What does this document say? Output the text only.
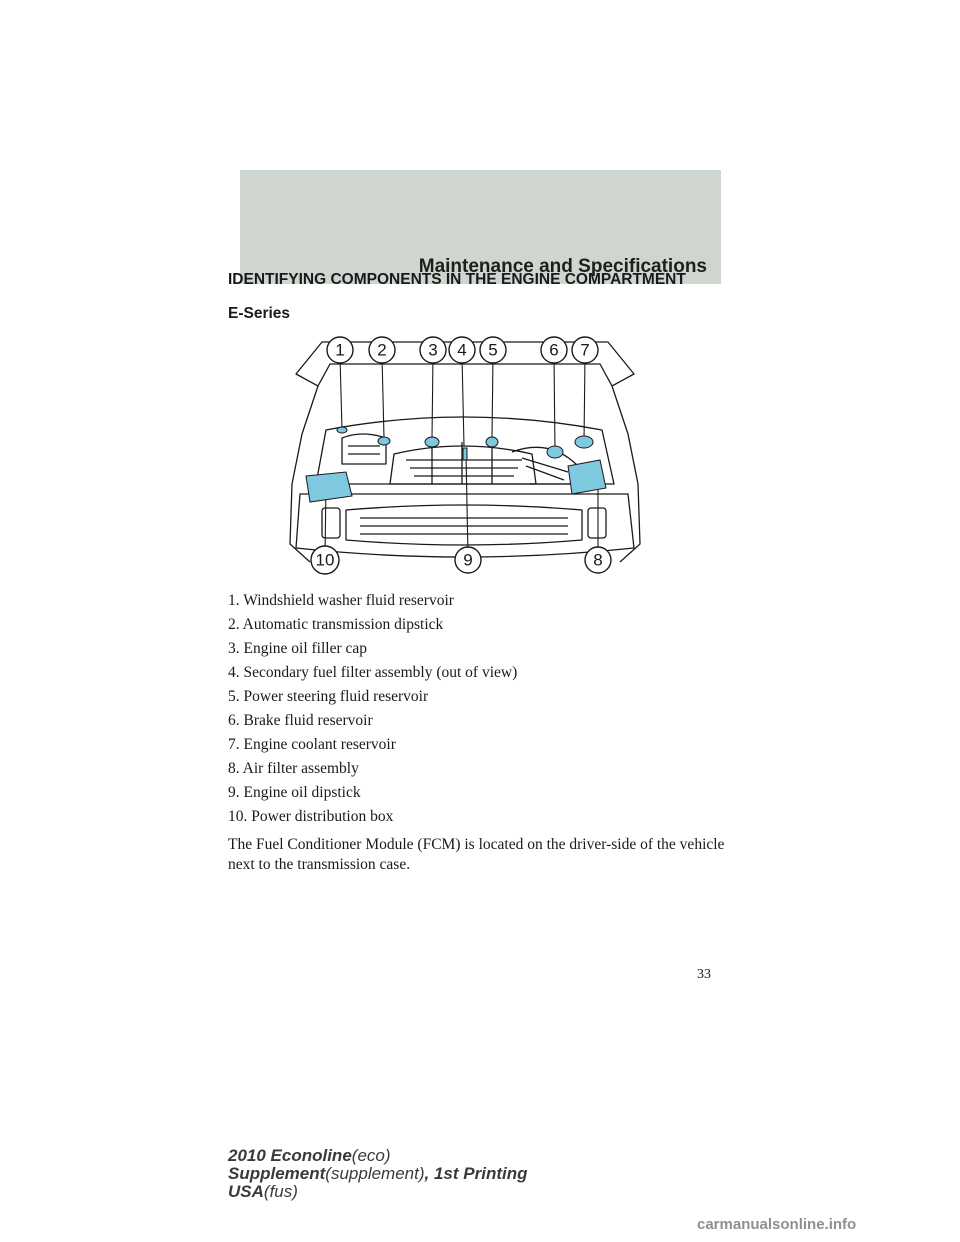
Maintenance and Specifications
IDENTIFYING COMPONENTS IN THE ENGINE COMPARTMENT
E-Series
1 2 3 4 5	6 7
8
9
10
1. Windshield washer fluid reservoir
2. Automatic transmission dipstick
3. Engine oil filler cap
4. Secondary fuel filter assembly (out of view)
5. Power steering fluid reservoir
6. Brake fluid reservoir
7. Engine coolant reservoir
8. Air filter assembly
9. Engine oil dipstick
10. Power distribution box

The Fuel Conditioner Module (FCM) is located on the driver-side of the vehicle next to the transmission case.

33
2010 Econoline(eco)
Supplement(supplement), 1st Printing
USA(fus)
carmanualsonline.info
